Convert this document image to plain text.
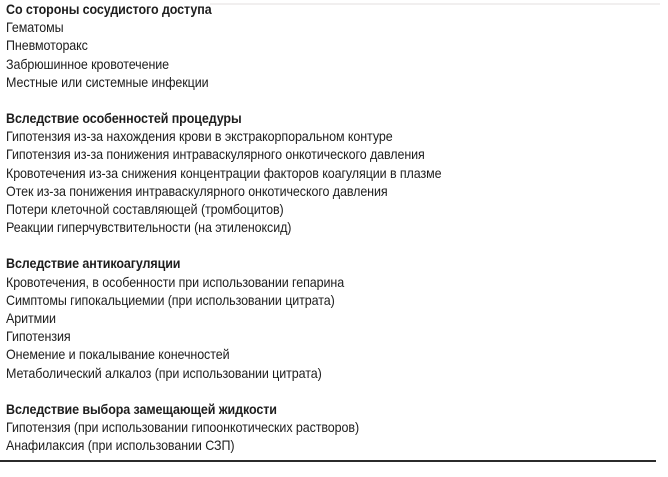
Со стороны сосудистого доступа
Гематомы
Пневмоторакс
Забрюшинное кровотечение
Местные или системные инфекции
Вследствие особенностей процедуры
Гипотензия из-за нахождения крови в экстракорпоральном контуре
Гипотензия из-за понижения интраваскулярного онкотического давления
Кровотечения из-за снижения концентрации факторов коагуляции в плазме
Отек из-за понижения интраваскулярного онкотического давления
Потери клеточной составляющей (тромбоцитов)
Реакции гиперчувствительности (на этиленоксид)
Вследствие антикоагуляции
Кровотечения, в особенности при использовании гепарина
Симптомы гипокальциемии (при использовании цитрата)
Аритмии
Гипотензия
Онемение и покалывание конечностей
Метаболический алкалоз (при использовании цитрата)
Вследствие выбора замещающей жидкости
Гипотензия (при использовании гипоонкотических растворов)
Анафилаксия (при использовании СЗП)
